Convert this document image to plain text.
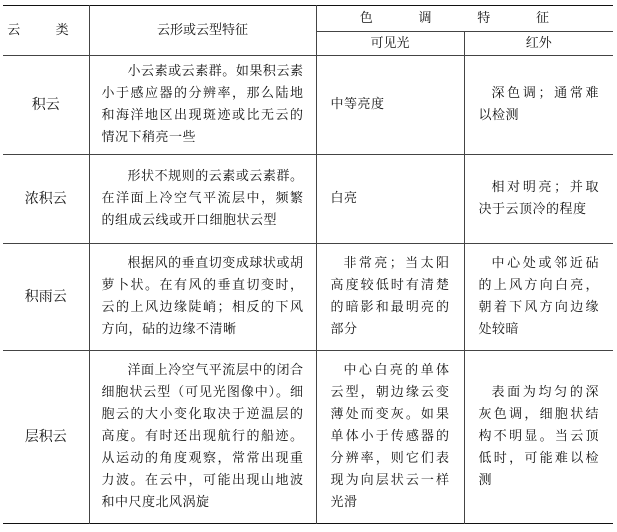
云 类	云形或云型特征	色 调 特 征	
		可见光	红外
积云	小云素或云素群。如果积云素小于感应器的分辨率，那么陆地和海洋地区出现斑迹或比无云的情况下稍亮一些	中等亮度	深色调；通常难以检测
浓积云	形状不规则的云素或云素群。在洋面上冷空气平流层中，频繁的组成云线或开口细胞状云型	白亮	相对明亮；并取决于云顶冷的程度
积雨云	根据风的垂直切变成球状或胡萝卜状。在有风的垂直切变时，云的上风边缘陡峭；相反的下风方向，砧的边缘不清晰	非常亮；当太阳高度较低时有清楚的暗影和最明亮的部分	中心处或邻近砧的上风方向白亮，朝着下风方向边缘处较暗
层积云	洋面上冷空气平流层中的闭合细胞状云型（可见光图像中）。细胞云的大小变化取决于逆温层的高度。有时还出现航行的船迹。从运动的角度观察，常常出现重力波。在云中，可能出现山地波和中尺度北风涡旋	中心白亮的单体云型，朝边缘云变薄处而变灰。如果单体小于传感器的分辨率，则它们表现为向层状云一样光滑	表面为均匀的深灰色调，细胞状结构不明显。当云顶低时，可能难以检测
